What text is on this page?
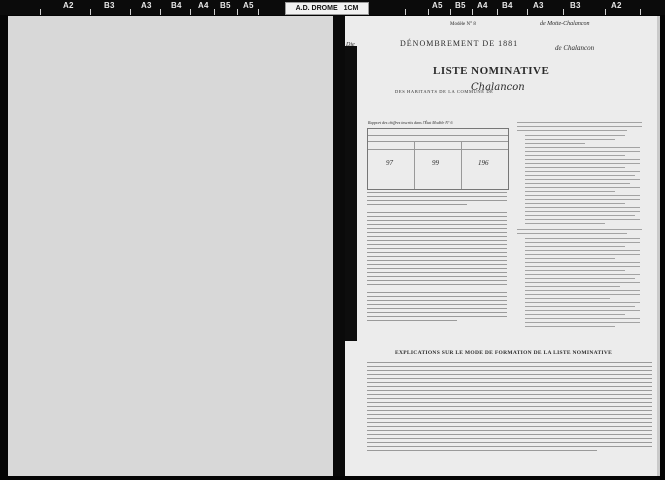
A2	B3	A3 B4 A4 B5 A5	A.D. DROME 1CM	A5 B5 A4 B4	A3	B3	A2
Modèle N° 8	de Motte-Chalancon
Die	DÉNOMBREMENT DE 1881	de Chalancon
LISTE NOMINATIVE
DES HABITANTS DE LA COMMUNE DE
Chalancon
Rapport des chiffres inscrits dans l'État Modèle N° 6
97	99	196
EXPLICATIONS SUR LE MODE DE FORMATION DE LA LISTE NOMINATIVE
